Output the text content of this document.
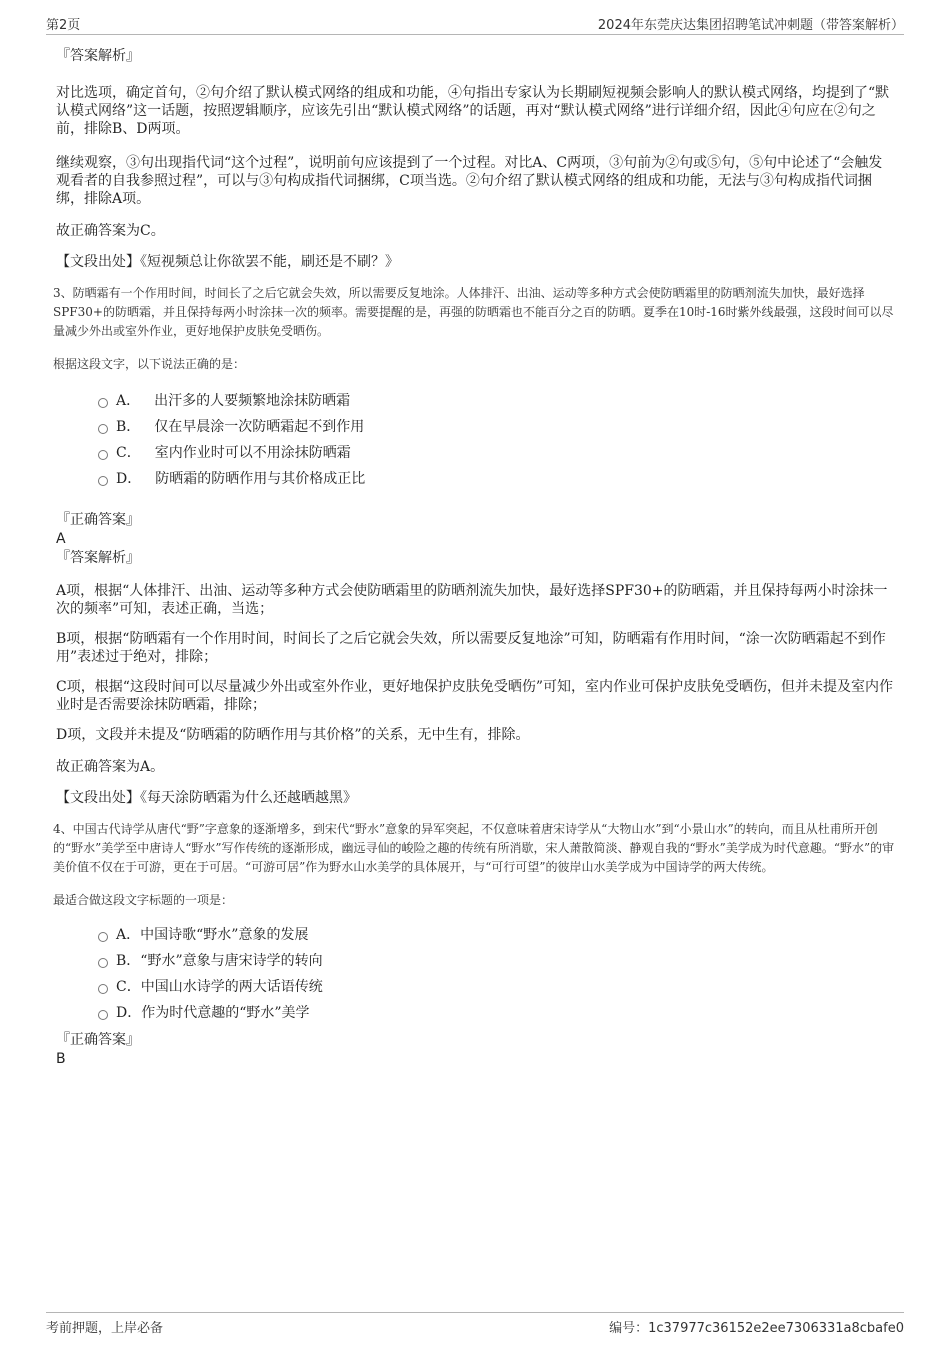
第2页	2024年东莞庆达集团招聘笔试冲刺题（带答案解析）
『答案解析』

对比选项，确定首句，②句介绍了默认模式网络的组成和功能，④句指出专家认为长期刷短视频会影响人的默认模式网络，均提到了“默认模式网络”这一话题，按照逻辑顺序，应该先引出“默认模式网络”的话题，再对“默认模式网络”进行详细介绍，因此④句应在②句之前，排除B、D两项。

继续观察，③句出现指代词“这个过程”，说明前句应该提到了一个过程。对比A、C两项，③句前为②句或⑤句，⑤句中论述了“会触发观看者的自我参照过程”，可以与③句构成指代词捆绑，C项当选。②句介绍了默认模式网络的组成和功能，无法与③句构成指代词捆绑，排除A项。

故正确答案为C。
【文段出处】《短视频总让你欲罢不能，刷还是不刷？》

3、防晒霜有一个作用时间，时间长了之后它就会失效，所以需要反复地涂。人体排汗、出油、运动等多种方式会使防晒霜里的防晒剂流失加快，最好选择SPF30+的防晒霜，并且保持每两小时涂抹一次的频率。需要提醒的是，再强的防晒霜也不能百分之百的防晒。夏季在10时-16时紫外线最强，这段时间可以尽量减少外出或室外作业，更好地保护皮肤免受晒伤。

根据这段文字，以下说法正确的是：
A． 出汗多的人要频繁地涂抹防晒霜
B． 仅在早晨涂一次防晒霜起不到作用
C． 室内作业时可以不用涂抹防晒霜
D． 防晒霜的防晒作用与其价格成正比
『正确答案』
A
『答案解析』

A项，根据“人体排汗、出油、运动等多种方式会使防晒霜里的防晒剂流失加快，最好选择SPF30+的防晒霜，并且保持每两小时涂抹一次的频率”可知，表述正确，当选；

B项，根据“防晒霜有一个作用时间，时间长了之后它就会失效，所以需要反复地涂”可知，防晒霜有作用时间，“涂一次防晒霜起不到作用”表述过于绝对，排除；

C项，根据“这段时间可以尽量减少外出或室外作业，更好地保护皮肤免受晒伤”可知，室内作业可保护皮肤免受晒伤，但并未提及室内作业时是否需要涂抹防晒霜，排除；

D项，文段并未提及“防晒霜的防晒作用与其价格”的关系，无中生有，排除。
故正确答案为A。
【文段出处】《每天涂防晒霜为什么还越晒越黑》

4、中国古代诗学从唐代“野”字意象的逐渐增多，到宋代“野水”意象的异军突起，不仅意味着唐宋诗学从“大物山水”到“小景山水”的转向，而且从杜甫所开创的“野水”美学至中唐诗人“野水”写作传统的逐渐形成，幽远寻仙的峻险之趣的传统有所消歇，宋人萧散简淡、静观自我的“野水”美学成为时代意趣。“野水”的审美价值不仅在于可游，更在于可居。“可游可居”作为野水山水美学的具体展开，与“可行可望”的彼岸山水美学成为中国诗学的两大传统。

最适合做这段文字标题的一项是：
A． 中国诗歌“野水”意象的发展
B． “野水”意象与唐宋诗学的转向
C． 中国山水诗学的两大话语传统
D． 作为时代意趣的“野水”美学
『正确答案』
B
考前押题，上岸必备	编号：1c37977c36152e2ee7306331a8cbafe0
